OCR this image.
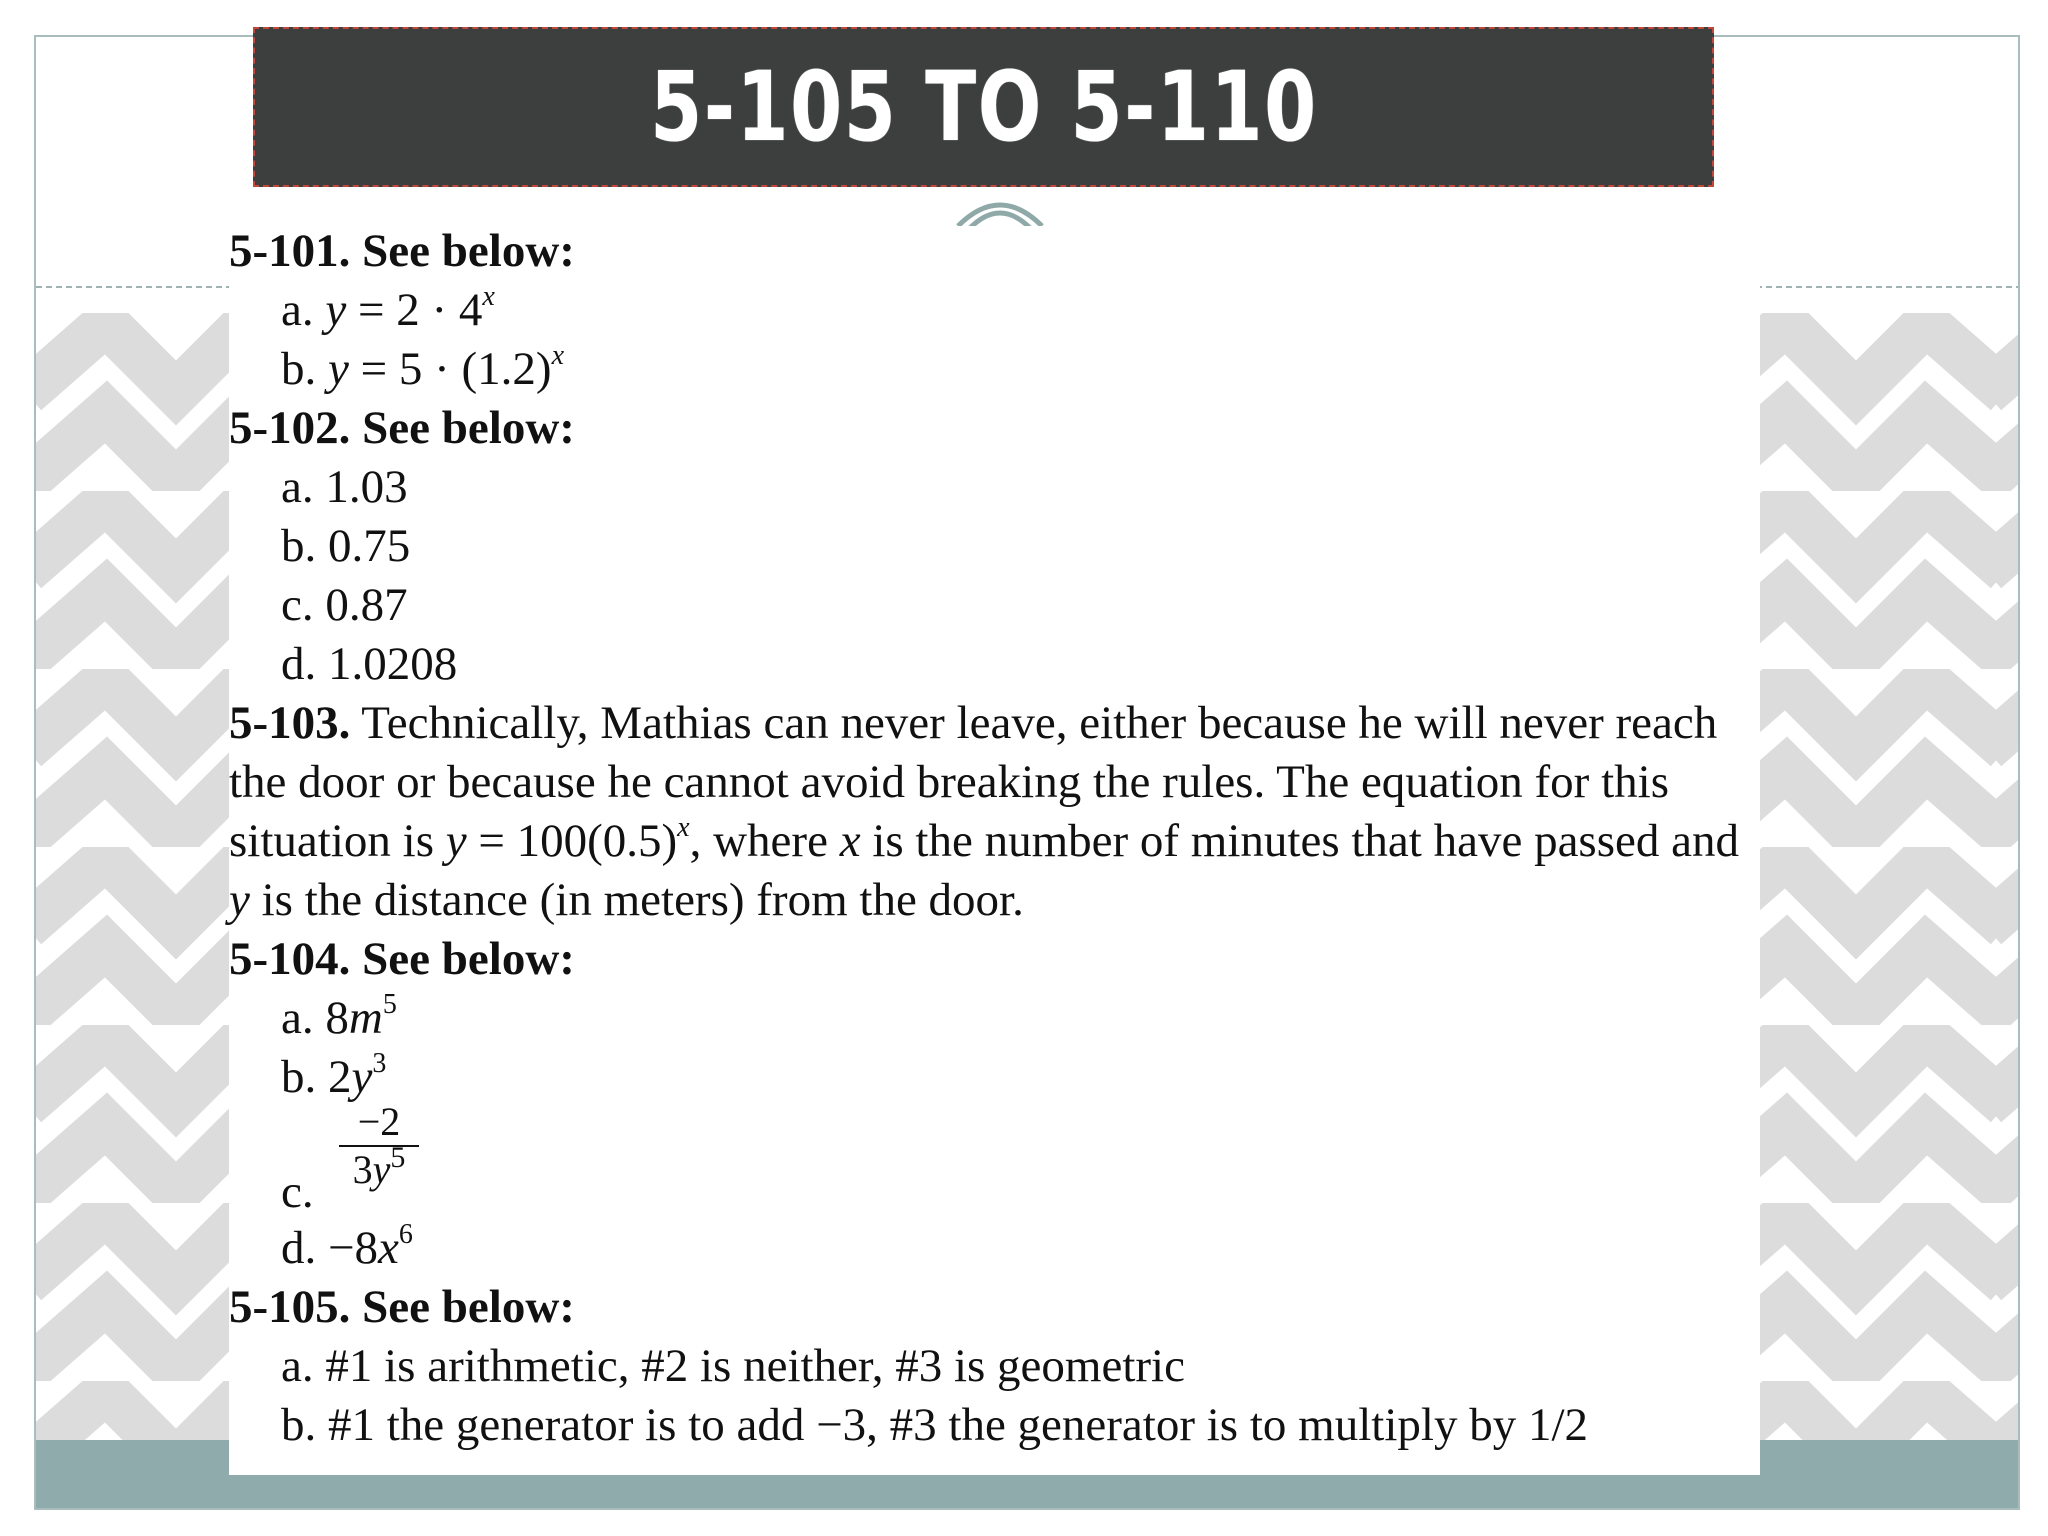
5-105 TO 5-110
5-101. See below:
a. $y = 2 \cdot 4^x$
b. $y = 5 \cdot (1.2)^x$
5-102. See below:
a. 1.03
b. 0.75
c. 0.87
d. 1.0208
5-103. Technically, Mathias can never leave, either because he will never reach the door or because he cannot avoid breaking the rules. The equation for this situation is $y = 100(0.5)^x$, where x is the number of minutes that have passed and y is the distance (in meters) from the door.
5-104. See below:
a. $8m^5$
b. $2y^3$
$\frac{-2}{3y^5}$
c.
d. $-8x^6$
5-105. See below:
a. #1 is arithmetic, #2 is neither, #3 is geometric
b. #1 the generator is to add −3, #3 the generator is to multiply by 1/2
